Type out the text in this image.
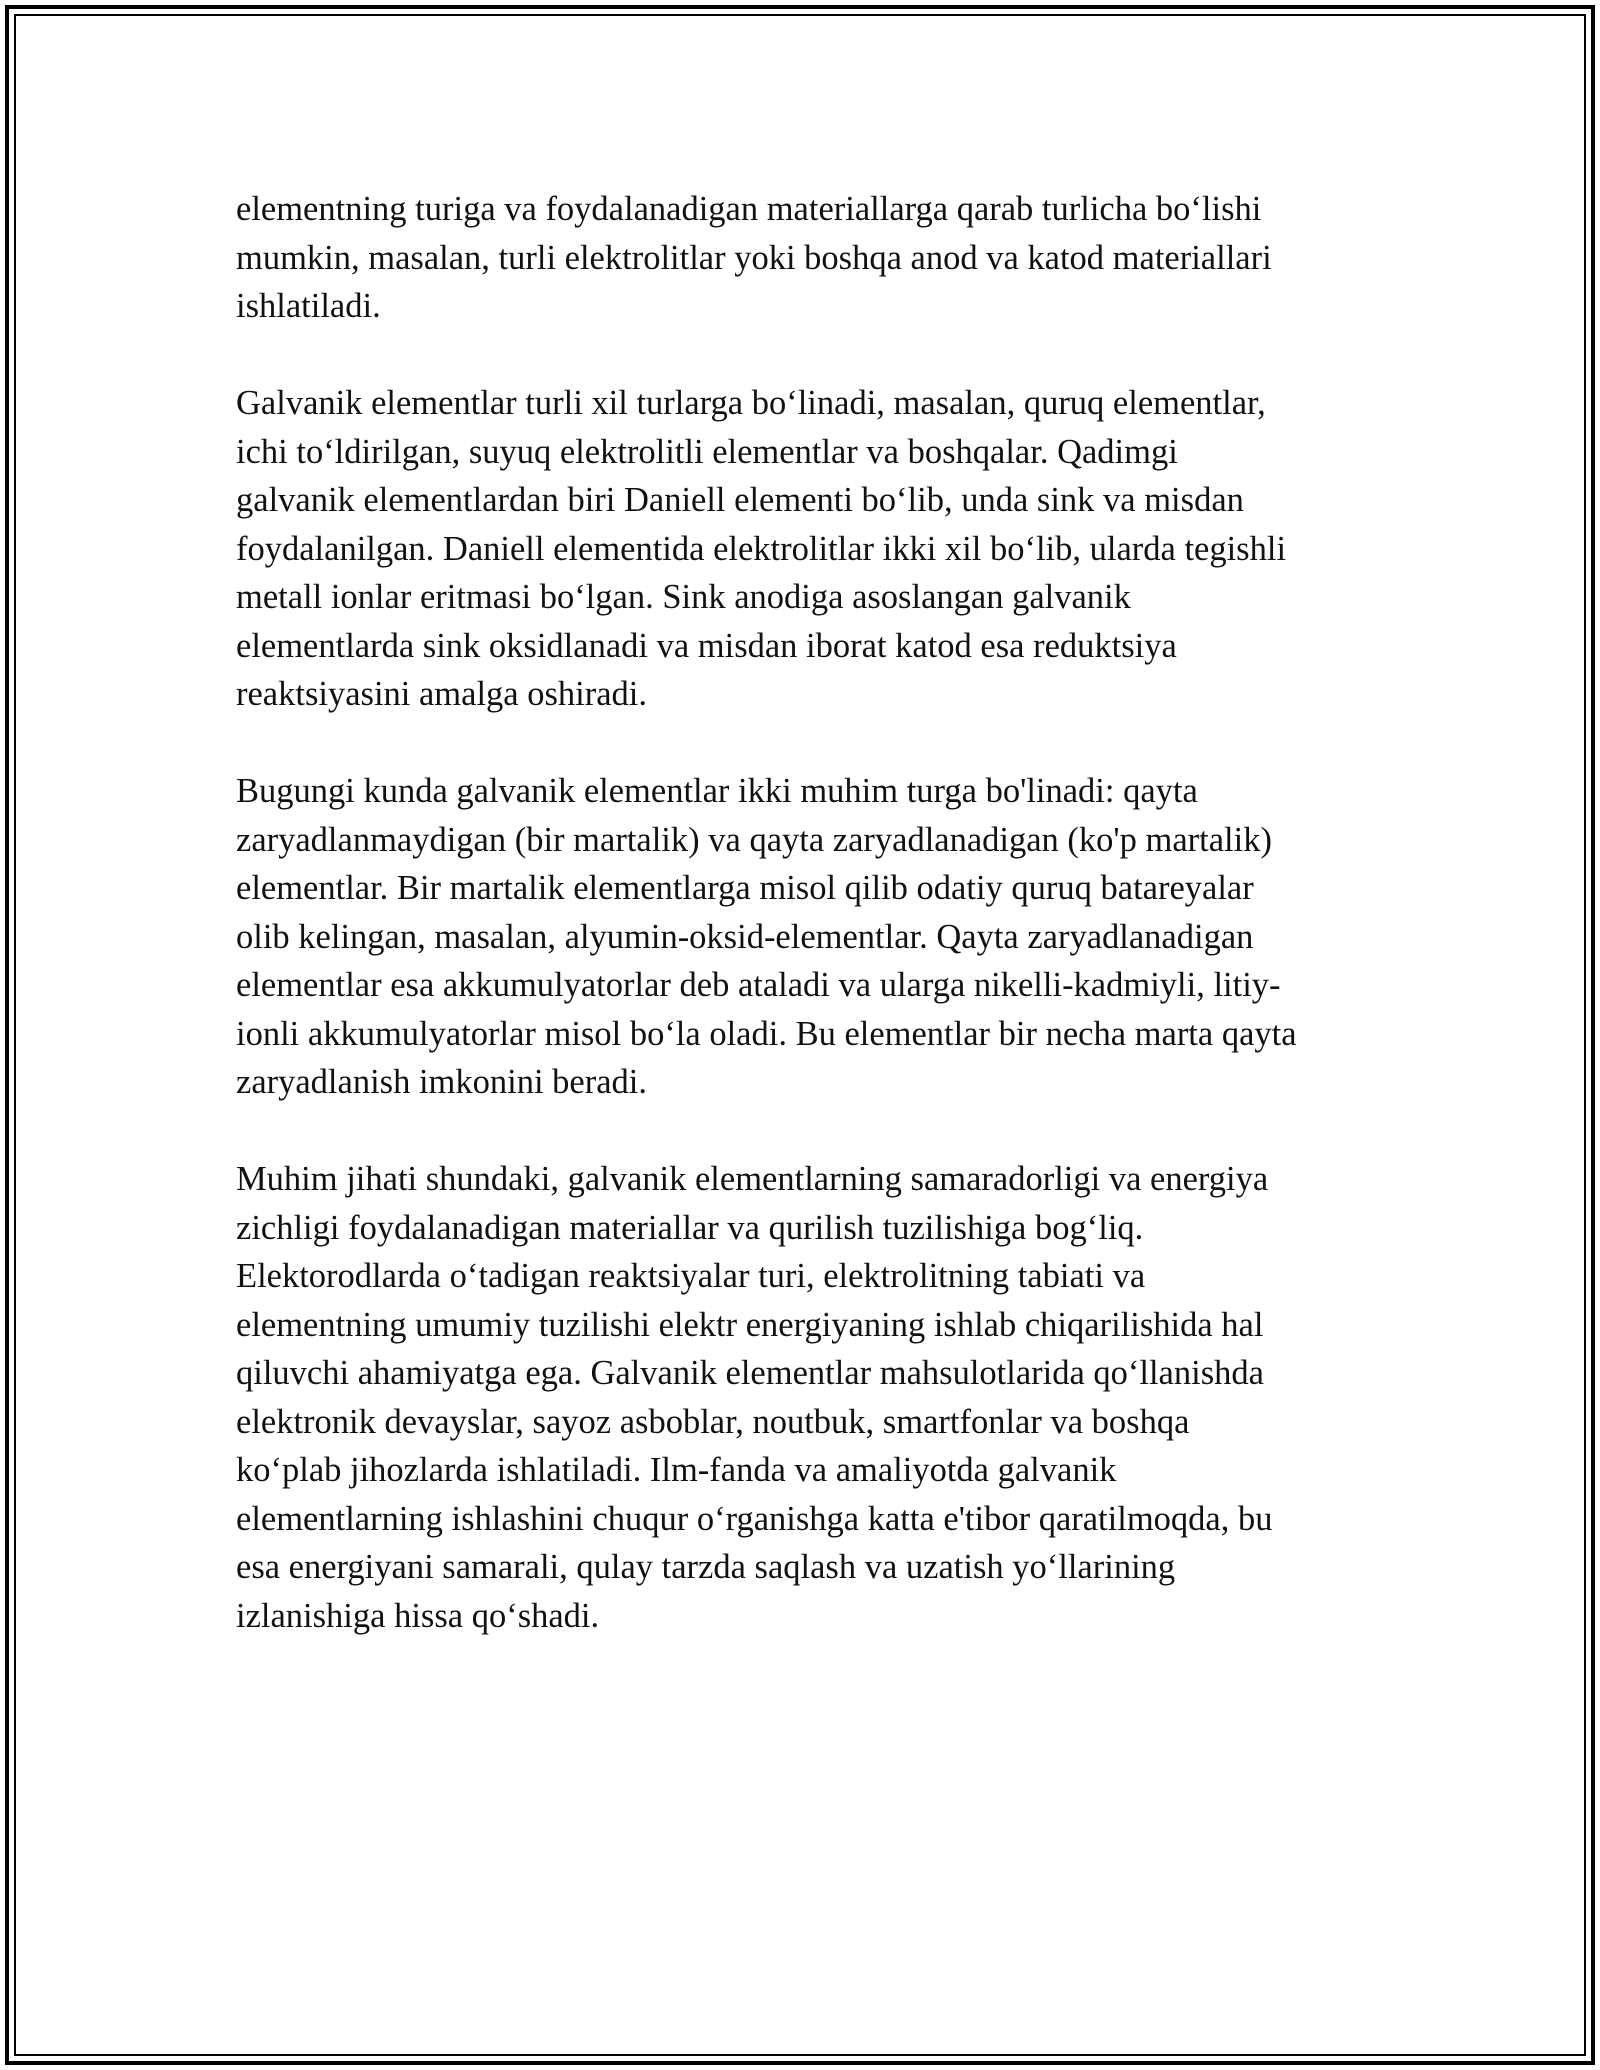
elementning turiga va foydalanadigan materiallarga qarab turlicha bo‘lishi
mumkin, masalan, turli elektrolitlar yoki boshqa anod va katod materiallari
ishlatiladi.

Galvanik elementlar turli xil turlarga bo‘linadi, masalan, quruq elementlar,
ichi to‘ldirilgan, suyuq elektrolitli elementlar va boshqalar. Qadimgi
galvanik elementlardan biri Daniell elementi bo‘lib, unda sink va misdan
foydalanilgan. Daniell elementida elektrolitlar ikki xil bo‘lib, ularda tegishli
metall ionlar eritmasi bo‘lgan. Sink anodiga asoslangan galvanik
elementlarda sink oksidlanadi va misdan iborat katod esa reduktsiya
reaktsiyasini amalga oshiradi.

Bugungi kunda galvanik elementlar ikki muhim turga bo'linadi: qayta
zaryadlanmaydigan (bir martalik) va qayta zaryadlanadigan (ko'p martalik)
elementlar. Bir martalik elementlarga misol qilib odatiy quruq batareyalar
olib kelingan, masalan, alyumin-oksid-elementlar. Qayta zaryadlanadigan
elementlar esa akkumulyatorlar deb ataladi va ularga nikelli-kadmiyli, litiy-
ionli akkumulyatorlar misol bo‘la oladi. Bu elementlar bir necha marta qayta
zaryadlanish imkonini beradi.

Muhim jihati shundaki, galvanik elementlarning samaradorligi va energiya
zichligi foydalanadigan materiallar va qurilish tuzilishiga bog‘liq.
Elektorodlarda o‘tadigan reaktsiyalar turi, elektrolitning tabiati va
elementning umumiy tuzilishi elektr energiyaning ishlab chiqarilishida hal
qiluvchi ahamiyatga ega. Galvanik elementlar mahsulotlarida qo‘llanishda
elektronik devayslar, sayoz asboblar, noutbuk, smartfonlar va boshqa
ko‘plab jihozlarda ishlatiladi. Ilm-fanda va amaliyotda galvanik
elementlarning ishlashini chuqur o‘rganishga katta e'tibor qaratilmoqda, bu
esa energiyani samarali, qulay tarzda saqlash va uzatish yo‘llarining
izlanishiga hissa qo‘shadi.
